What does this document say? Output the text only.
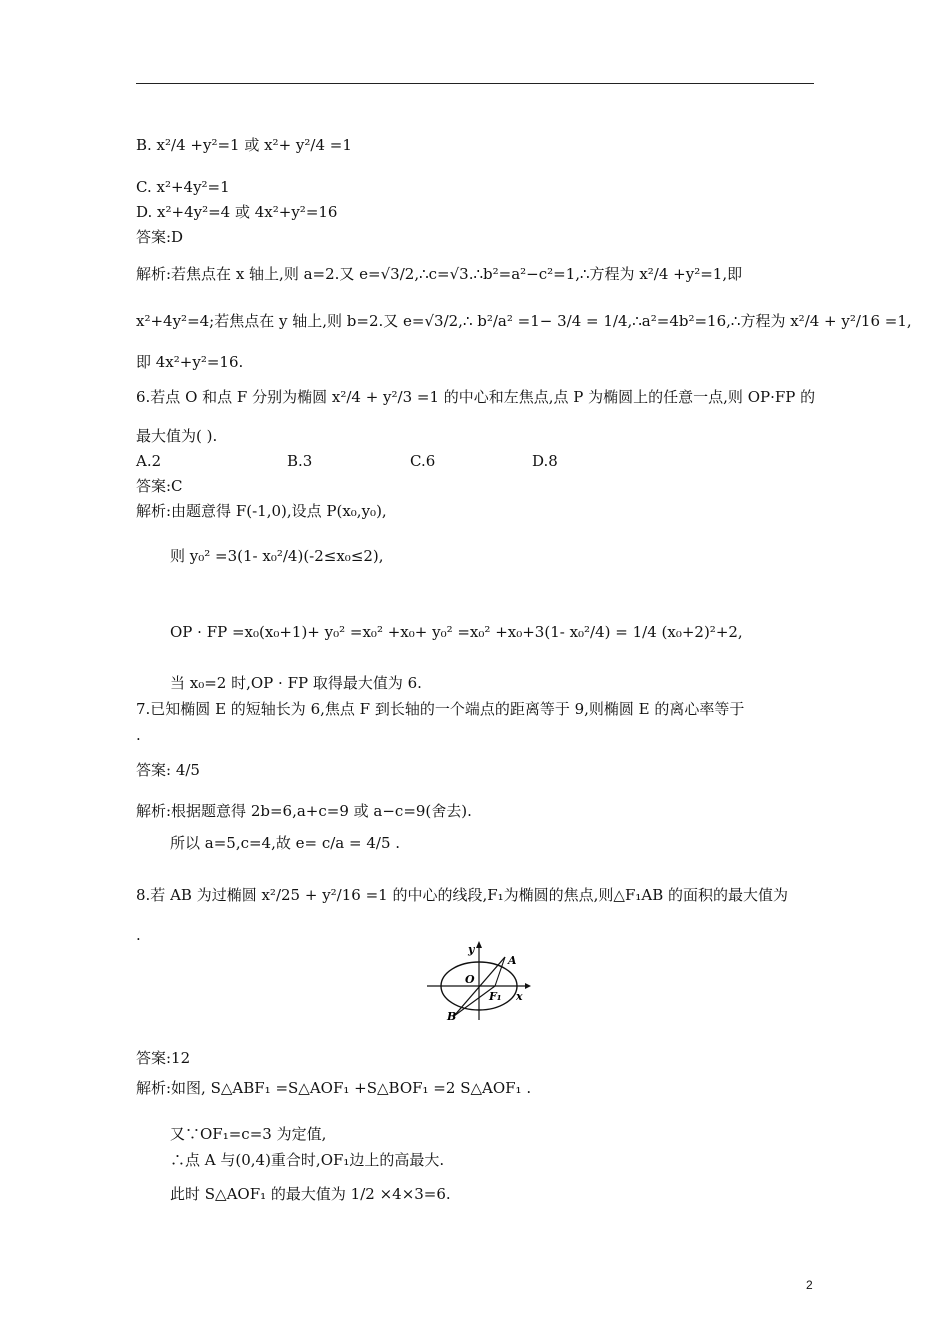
B. x²/4 +y²=1 或 x²+ y²/4 =1
C. x²+4y²=1
D. x²+4y²=4 或 4x²+y²=16
答案:D
解析:若焦点在 x 轴上,则 a=2.又 e=√3/2,∴c=√3.∴b²=a²−c²=1,∴方程为 x²/4 +y²=1,即
x²+4y²=4;若焦点在 y 轴上,则 b=2.又 e=√3/2,∴ b²/a² =1− 3/4 = 1/4,∴a²=4b²=16,∴方程为 x²/4 + y²/16 =1,
即 4x²+y²=16.
6.若点 O 和点 F 分别为椭圆 x²/4 + y²/3 =1 的中心和左焦点,点 P 为椭圆上的任意一点,则 OP·FP 的
最大值为( ).
A.2	B.3	C.6	D.8
答案:C
解析:由题意得 F(-1,0),设点 P(x₀,y₀),
则 y₀² =3(1- x₀²/4)(-2≤x₀≤2),
OP · FP =x₀(x₀+1)+ y₀² =x₀² +x₀+ y₀² =x₀² +x₀+3(1- x₀²/4) = 1/4 (x₀+2)²+2,
当 x₀=2 时,OP · FP 取得最大值为 6.
7.已知椭圆 E 的短轴长为 6,焦点 F 到长轴的一个端点的距离等于 9,则椭圆 E 的离心率等于
.
答案: 4/5
解析:根据题意得 2b=6,a+c=9 或 a−c=9(舍去).
所以 a=5,c=4,故 e= c/a = 4/5 .
8.若 AB 为过椭圆 x²/25 + y²/16 =1 的中心的线段,F₁为椭圆的焦点,则△F₁AB 的面积的最大值为
.
y
A
O
F₁ x
B
答案:12
解析:如图, S△ABF₁ =S△AOF₁ +S△BOF₁ =2 S△AOF₁ .
又∵OF₁=c=3 为定值,
∴点 A 与(0,4)重合时,OF₁边上的高最大.
此时 S△AOF₁ 的最大值为 1/2 ×4×3=6.
2
